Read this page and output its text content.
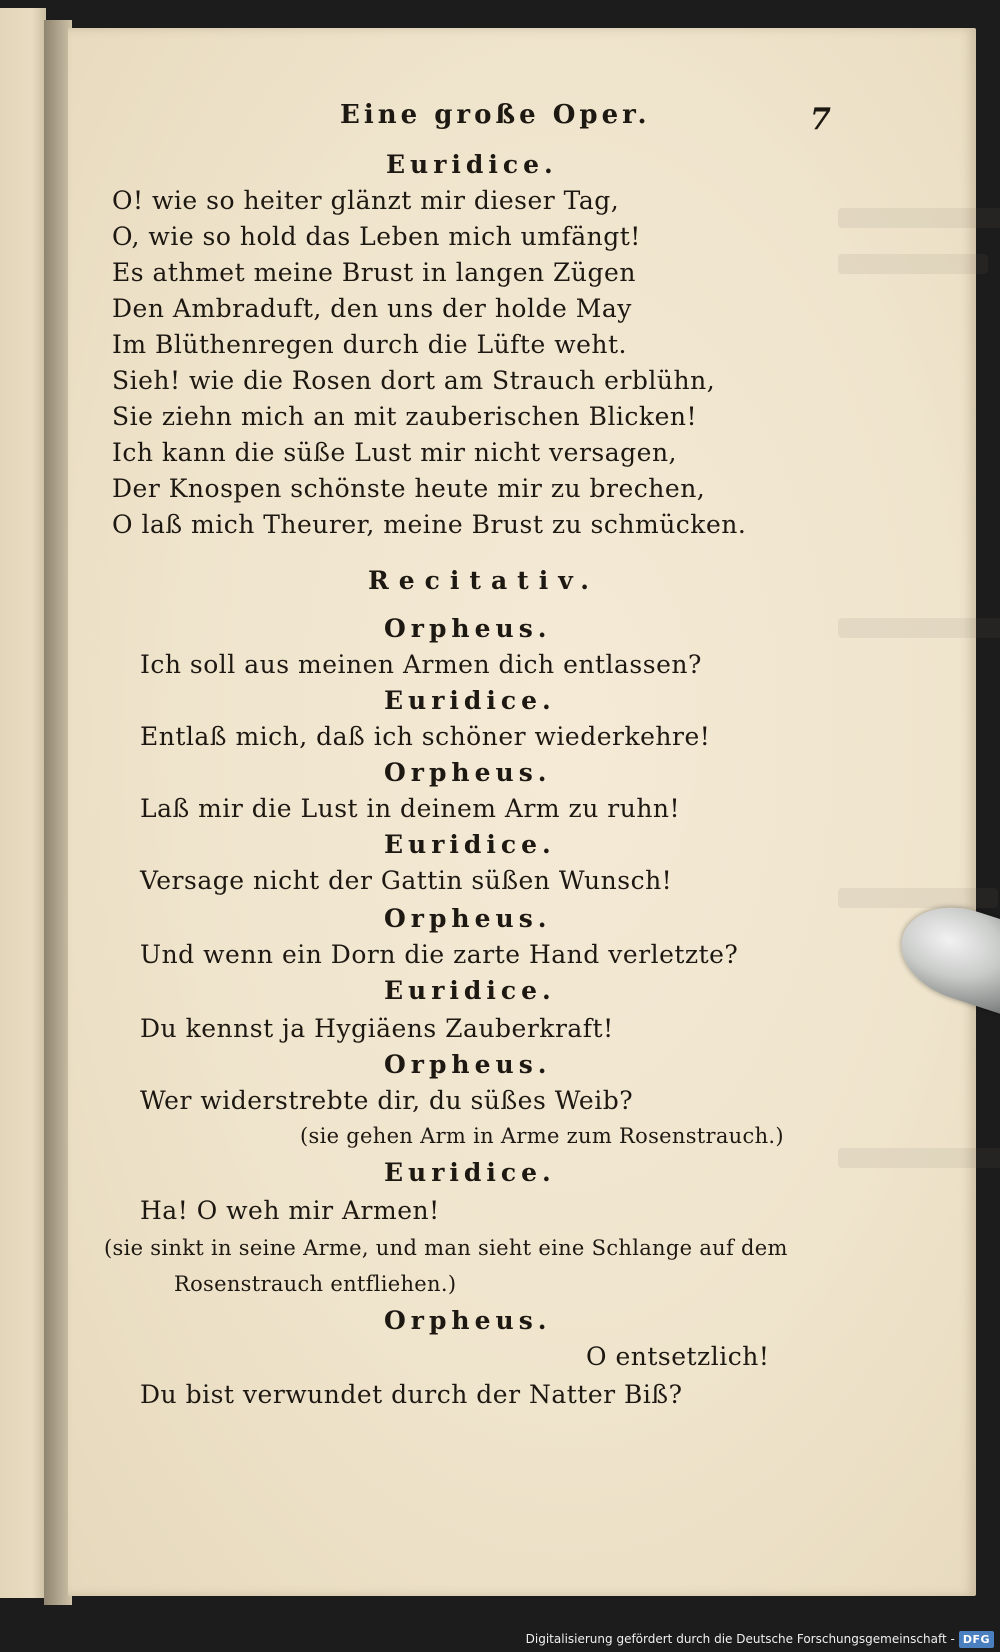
Eine große Oper.	7
Euridice.
O! wie so heiter glänzt mir dieser Tag,
O, wie so hold das Leben mich umfängt!
Es athmet meine Brust in langen Zügen
Den Ambraduft, den uns der holde May
Im Blüthenregen durch die Lüfte weht.
Sieh! wie die Rosen dort am Strauch erblühn,
Sie ziehn mich an mit zauberischen Blicken!
Ich kann die süße Lust mir nicht versagen,
Der Knospen schönste heute mir zu brechen,
O laß mich Theurer, meine Brust zu schmücken.
Recitativ.
Orpheus.
Ich soll aus meinen Armen dich entlassen?
Euridice.
Entlaß mich, daß ich schöner wiederkehre!
Orpheus.
Laß mir die Lust in deinem Arm zu ruhn!
Euridice.
Versage nicht der Gattin süßen Wunsch!
Orpheus.
Und wenn ein Dorn die zarte Hand verletzte?
Euridice.
Du kennst ja Hygiäens Zauberkraft!
Orpheus.
Wer widerstrebte dir, du süßes Weib?
(sie gehen Arm in Arme zum Rosenstrauch.)
Euridice.
Ha! O weh mir Armen!
(sie sinkt in seine Arme, und man sieht eine Schlange auf dem
Rosenstrauch entfliehen.)
Orpheus.
O entsetzlich!
Du bist verwundet durch der Natter Biß?
Digitalisierung gefördert durch die Deutsche Forschungsgemeinschaft - DFG
